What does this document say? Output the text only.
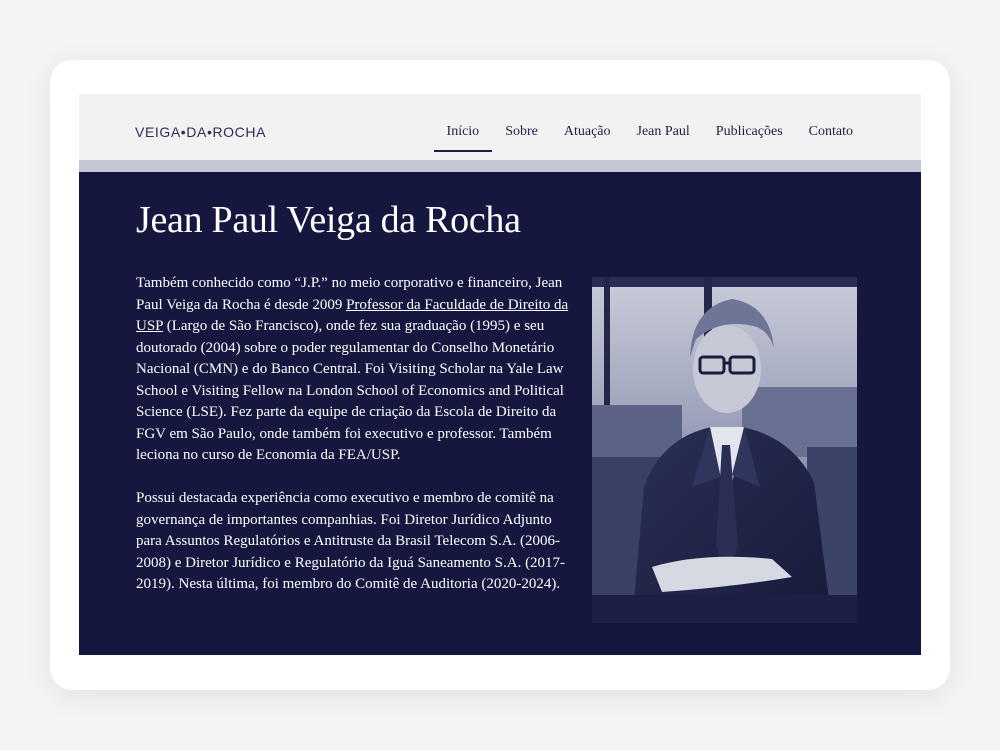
VEIGA•DA•ROCHA	Início Sobre Atuação Jean Paul Publicações Contato
Jean Paul Veiga da Rocha

Também conhecido como “J.P.” no meio corporativo e financeiro, Jean Paul Veiga da Rocha é desde 2009 Professor da Faculdade de Direito da USP (Largo de São Francisco), onde fez sua graduação (1995) e seu doutorado (2004) sobre o poder regulamentar do Conselho Monetário Nacional (CMN) e do Banco Central. Foi Visiting Scholar na Yale Law School e Visiting Fellow na London School of Economics and Political Science (LSE). Fez parte da equipe de criação da Escola de Direito da FGV em São Paulo, onde também foi executivo e professor. Também leciona no curso de Economia da FEA/USP.

Possui destacada experiência como executivo e membro de comitê na governança de importantes companhias. Foi Diretor Jurídico Adjunto para Assuntos Regulatórios e Antitruste da Brasil Telecom S.A. (2006-2008) e Diretor Jurídico e Regulatório da Iguá Saneamento S.A. (2017-2019). Nesta última, foi membro do Comitê de Auditoria (2020-2024).
